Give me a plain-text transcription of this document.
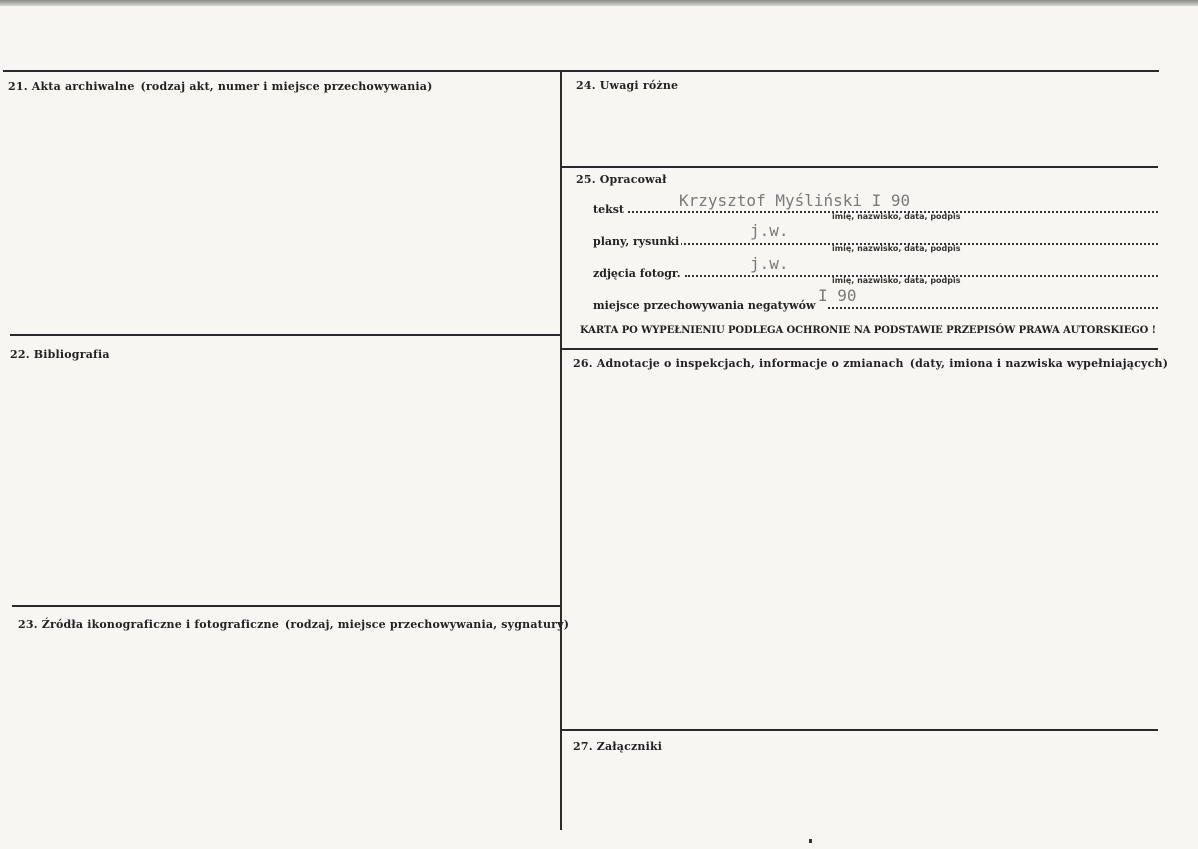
21. Akta archiwalne (rodzaj akt, numer i miejsce przechowywania)
22. Bibliografia
23. Źródła ikonograficzne i fotograficzne (rodzaj, miejsce przechowywania, sygnatury)
24. Uwagi różne
25. Opracował
tekst	Krzysztof Myśliński I 90
imię, nazwisko, data, podpis
plany, rysunki
j.w.
imię, nazwisko, data, podpis
zdjęcia fotogr.
j.w.
imię, nazwisko, data, podpis
miejsce przechowywania negatywów
I 90
KARTA PO WYPEŁNIENIU PODLEGA OCHRONIE NA PODSTAWIE PRZEPISÓW PRAWA AUTORSKIEGO !
26. Adnotacje o inspekcjach, informacje o zmianach (daty, imiona i nazwiska wypełniających)
27. Załączniki
